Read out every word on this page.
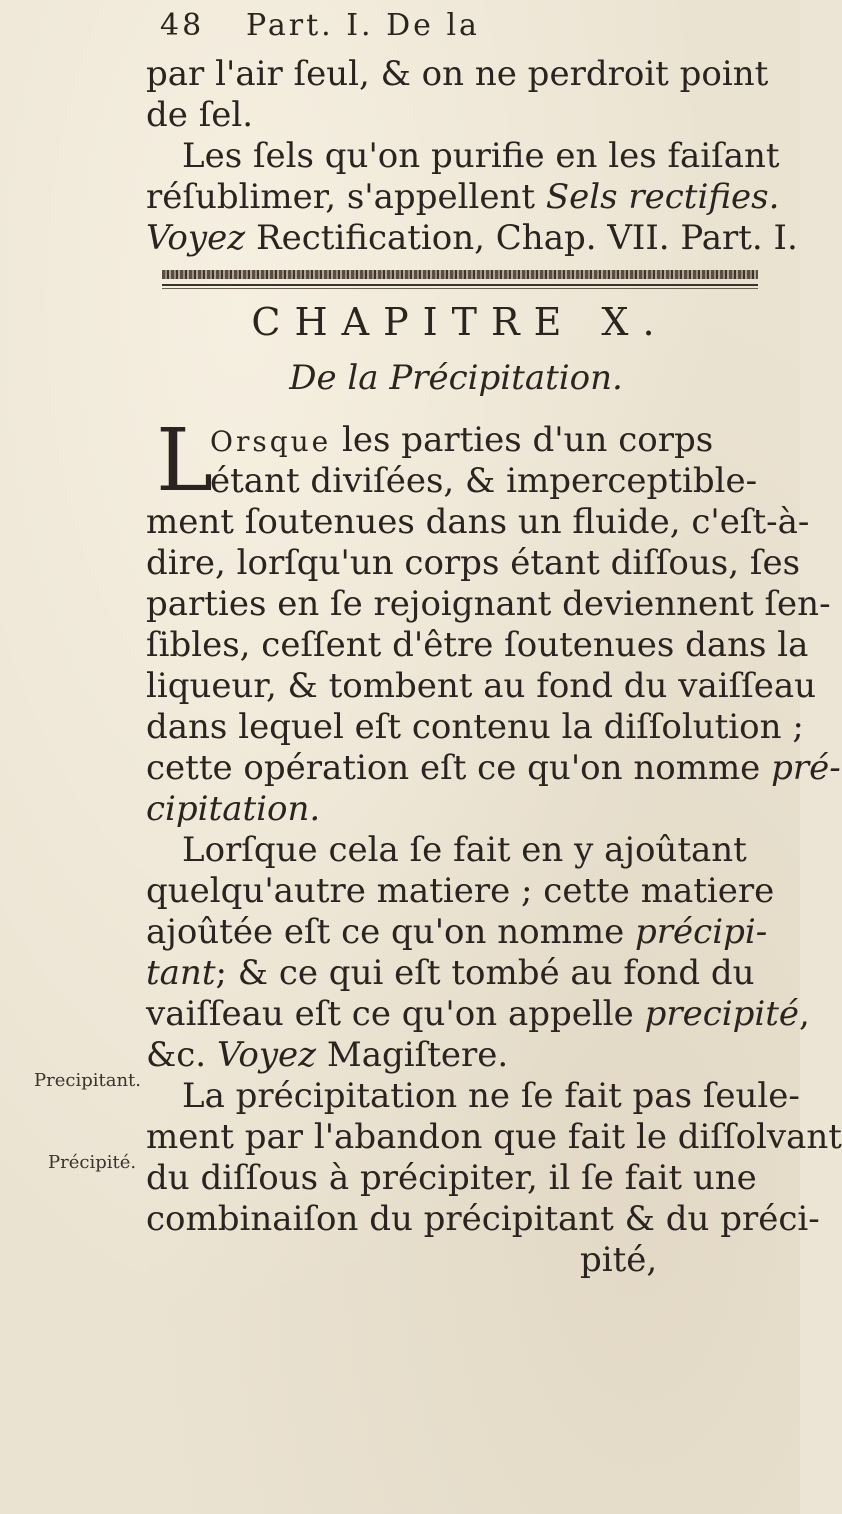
48 Part. I. De la
par l'air ſeul, & on ne perdroit point
de ſel.
Les ſels qu'on purifie en les faiſant
réſublimer, s'appellent Sels rectifies.
Voyez Rectification, Chap. VII. Part. I.
CHAPITRE X.
De la Précipitation.
L
Orsque les parties d'un corps
étant diviſées, & imperceptible-
ment ſoutenues dans un fluide, c'eſt-à-
dire, lorſqu'un corps étant diſſous, ſes
parties en ſe rejoignant deviennent ſen-
ſibles, ceſſent d'être ſoutenues dans la
liqueur, & tombent au fond du vaiſſeau
dans lequel eſt contenu la diſſolution ;
cette opération eſt ce qu'on nomme pré-
cipitation.
Lorſque cela ſe fait en y ajoûtant
quelqu'autre matiere ; cette matiere
ajoûtée eſt ce qu'on nomme précipi-
tant; & ce qui eſt tombé au fond du
vaiſſeau eſt ce qu'on appelle precipité,
&c. Voyez Magiſtere.
La précipitation ne ſe fait pas ſeule-
ment par l'abandon que fait le diſſolvant
du diſſous à précipiter, il ſe fait une
combinaiſon du précipitant & du préci-
pité,
Precipitant.
Précipité.
